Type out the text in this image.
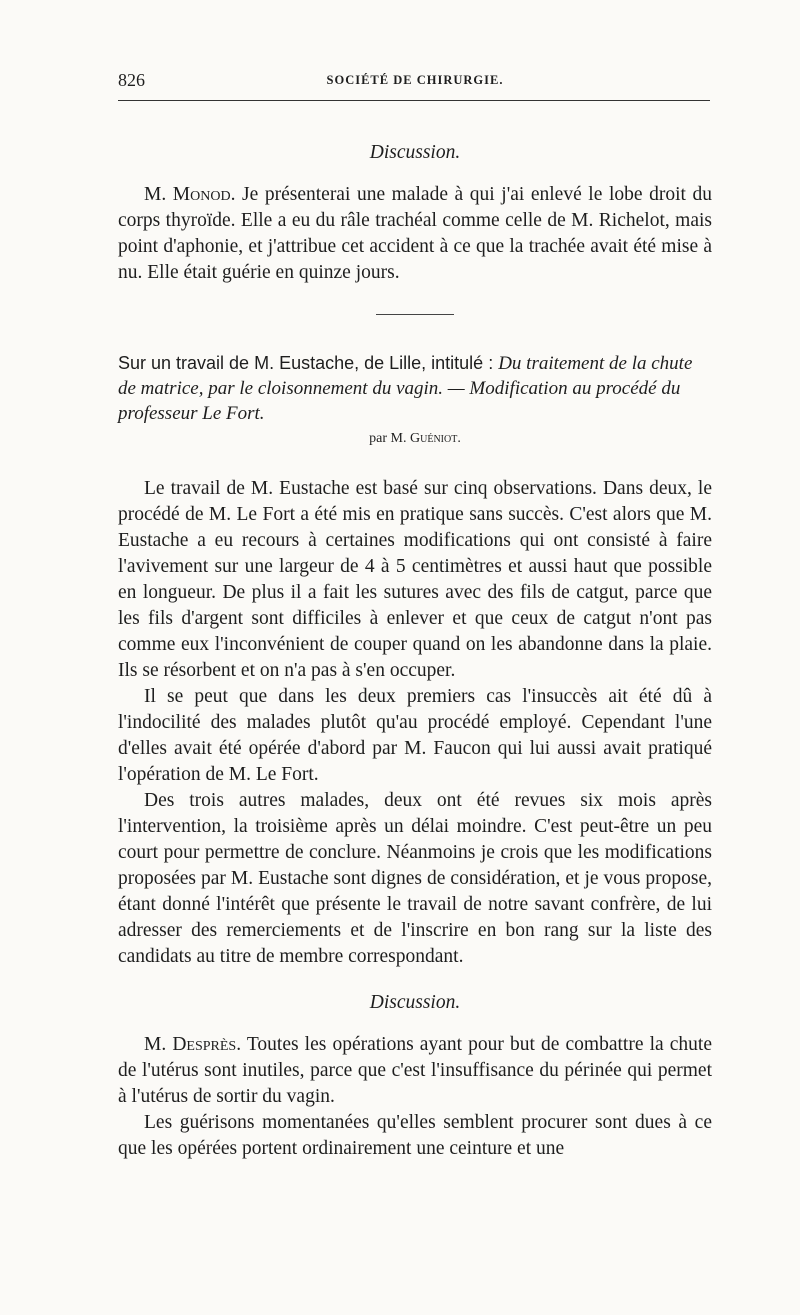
826	SOCIÉTÉ DE CHIRURGIE.

Discussion.

M. Monod. Je présenterai une malade à qui j'ai enlevé le lobe droit du corps thyroïde. Elle a eu du râle trachéal comme celle de M. Richelot, mais point d'aphonie, et j'attribue cet accident à ce que la trachée avait été mise à nu. Elle était guérie en quinze jours.

Sur un travail de M. Eustache, de Lille, intitulé : Du traitement de la chute de matrice, par le cloisonnement du vagin. — Modification au procédé du professeur Le Fort.

par M. Guéniot.

Le travail de M. Eustache est basé sur cinq observations. Dans deux, le procédé de M. Le Fort a été mis en pratique sans succès. C'est alors que M. Eustache a eu recours à certaines modifications qui ont consisté à faire l'avivement sur une largeur de 4 à 5 centimètres et aussi haut que possible en longueur. De plus il a fait les sutures avec des fils de catgut, parce que les fils d'argent sont difficiles à enlever et que ceux de catgut n'ont pas comme eux l'inconvénient de couper quand on les abandonne dans la plaie. Ils se résorbent et on n'a pas à s'en occuper.

Il se peut que dans les deux premiers cas l'insuccès ait été dû à l'indocilité des malades plutôt qu'au procédé employé. Cependant l'une d'elles avait été opérée d'abord par M. Faucon qui lui aussi avait pratiqué l'opération de M. Le Fort.

Des trois autres malades, deux ont été revues six mois après l'intervention, la troisième après un délai moindre. C'est peut-être un peu court pour permettre de conclure. Néanmoins je crois que les modifications proposées par M. Eustache sont dignes de considération, et je vous propose, étant donné l'intérêt que présente le travail de notre savant confrère, de lui adresser des remerciements et de l'inscrire en bon rang sur la liste des candidats au titre de membre correspondant.

Discussion.

M. Desprès. Toutes les opérations ayant pour but de combattre la chute de l'utérus sont inutiles, parce que c'est l'insuffisance du périnée qui permet à l'utérus de sortir du vagin.

Les guérisons momentanées qu'elles semblent procurer sont dues à ce que les opérées portent ordinairement une ceinture et une
